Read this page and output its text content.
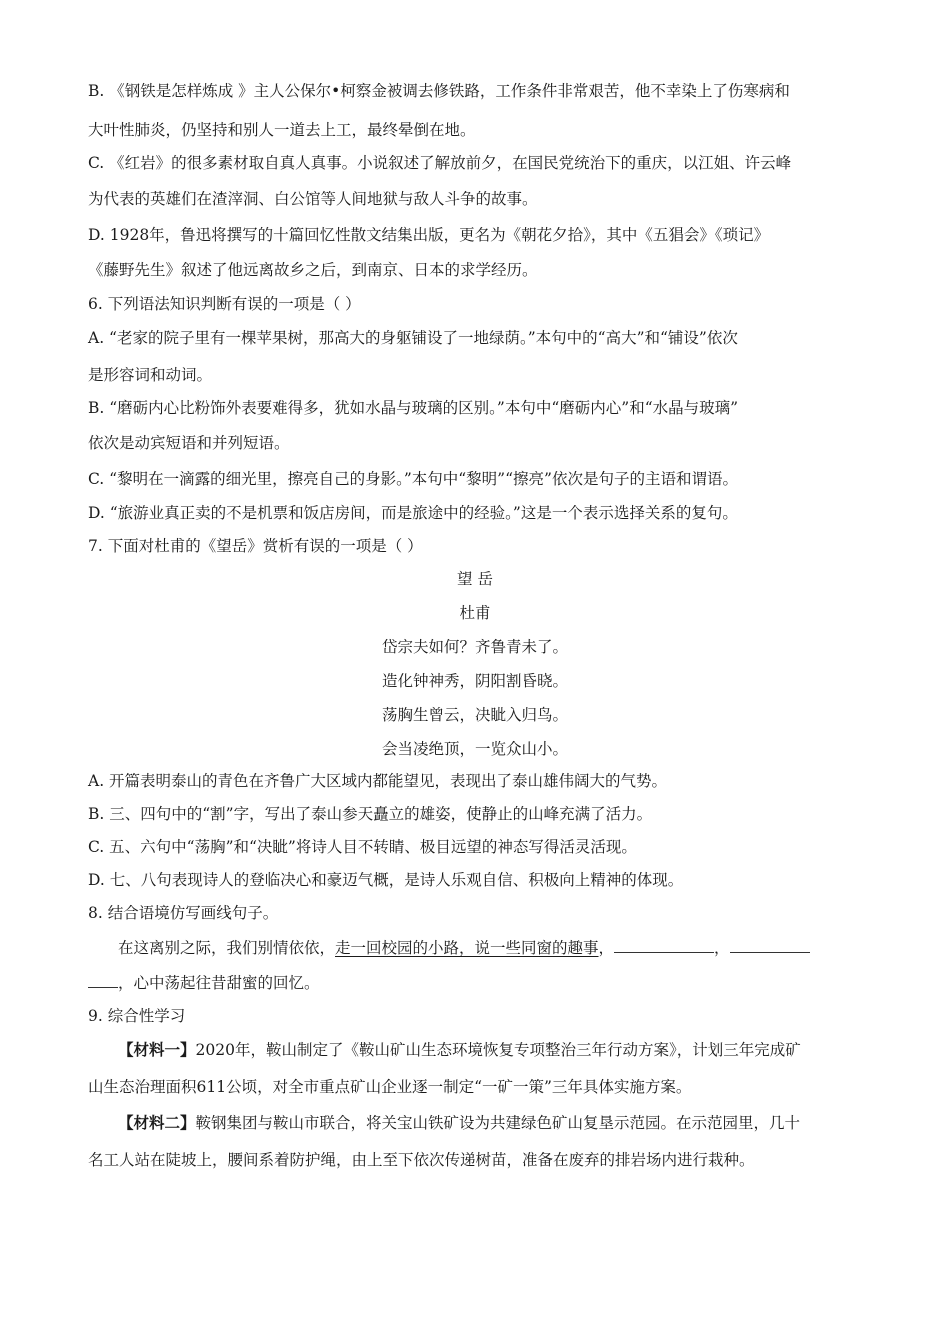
B. 《钢铁是怎样炼成 》主人公保尔•柯察金被调去修铁路，工作条件非常艰苦，他不幸染上了伤寒病和
大叶性肺炎，仍坚持和别人一道去上工，最终晕倒在地。
C. 《红岩》的很多素材取自真人真事。小说叙述了解放前夕，在国民党统治下的重庆，以江姐、许云峰
为代表的英雄们在渣滓洞、白公馆等人间地狱与敌人斗争的故事。
D. 1928年，鲁迅将撰写的十篇回忆性散文结集出版，更名为《朝花夕拾》，其中《五猖会》《琐记》
《藤野先生》叙述了他远离故乡之后，到南京、日本的求学经历。
6. 下列语法知识判断有误的一项是（ ）
A. “老家的院子里有一棵苹果树，那高大的身躯铺设了一地绿荫。”本句中的“高大”和“铺设”依次
是形容词和动词。
B. “磨砺内心比粉饰外表要难得多，犹如水晶与玻璃的区别。”本句中“磨砺内心”和“水晶与玻璃”
依次是动宾短语和并列短语。
C. “黎明在一滴露的细光里，擦亮自己的身影。”本句中“黎明”“擦亮”依次是句子的主语和谓语。
D. “旅游业真正卖的不是机票和饭店房间，而是旅途中的经验。”这是一个表示选择关系的复句。
7. 下面对杜甫的《望岳》赏析有误的一项是（ ）
望 岳
杜甫
岱宗夫如何？齐鲁青未了。
造化钟神秀，阴阳割昏晓。
荡胸生曾云，决眦入归鸟。
会当凌绝顶，一览众山小。
A. 开篇表明泰山的青色在齐鲁广大区域内都能望见，表现出了泰山雄伟阔大的气势。
B. 三、四句中的“割”字，写出了泰山参天矗立的雄姿，使静止的山峰充满了活力。
C. 五、六句中“荡胸”和“决眦”将诗人目不转睛、极目远望的神态写得活灵活现。
D. 七、八句表现诗人的登临决心和豪迈气概，是诗人乐观自信、积极向上精神的体现。
8. 结合语境仿写画线句子。
在这离别之际，我们别情依依，走一回校园的小路，说一些同窗的趣事，	，
，心中荡起往昔甜蜜的回忆。
9. 综合性学习
【材料一】2020年，鞍山制定了《鞍山矿山生态环境恢复专项整治三年行动方案》，计划三年完成矿
山生态治理面积611公顷，对全市重点矿山企业逐一制定“一矿一策”三年具体实施方案。
【材料二】鞍钢集团与鞍山市联合，将关宝山铁矿设为共建绿色矿山复垦示范园。在示范园里，几十
名工人站在陡坡上，腰间系着防护绳，由上至下依次传递树苗，准备在废弃的排岩场内进行栽种。
